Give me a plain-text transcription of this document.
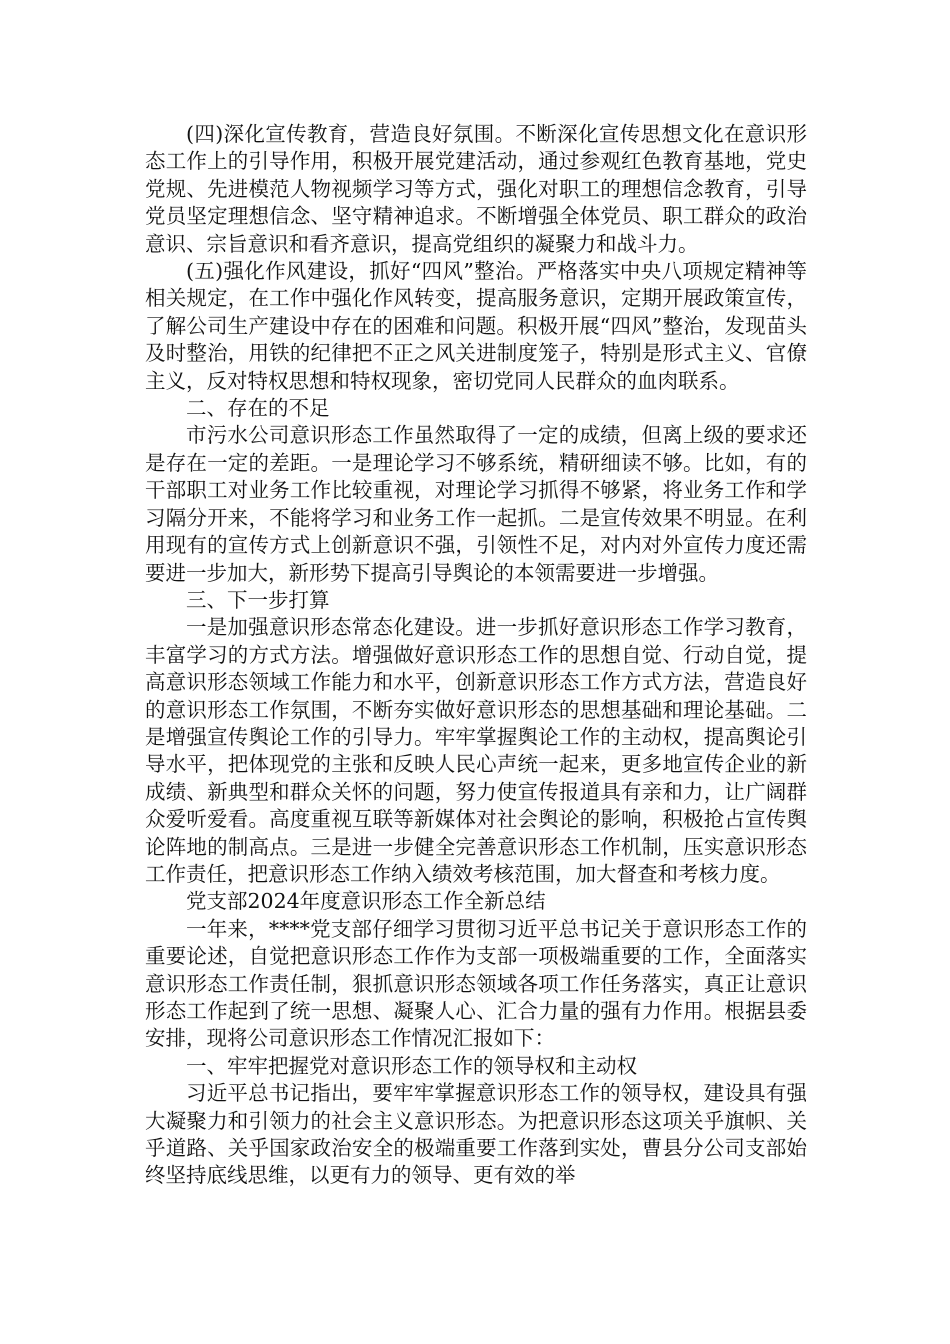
(四)深化宣传教育，营造良好氛围。不断深化宣传思想文化在意识形态工作上的引导作用，积极开展党建活动，通过参观红色教育基地，党史党规、先进模范人物视频学习等方式，强化对职工的理想信念教育，引导党员坚定理想信念、坚守精神追求。不断增强全体党员、职工群众的政治意识、宗旨意识和看齐意识，提高党组织的凝聚力和战斗力。

(五)强化作风建设，抓好“四风”整治。严格落实中央八项规定精神等相关规定，在工作中强化作风转变，提高服务意识，定期开展政策宣传，了解公司生产建设中存在的困难和问题。积极开展“四风”整治，发现苗头及时整治，用铁的纪律把不正之风关进制度笼子，特别是形式主义、官僚主义，反对特权思想和特权现象，密切党同人民群众的血肉联系。

二、存在的不足

市污水公司意识形态工作虽然取得了一定的成绩，但离上级的要求还是存在一定的差距。一是理论学习不够系统，精研细读不够。比如，有的干部职工对业务工作比较重视，对理论学习抓得不够紧，将业务工作和学习隔分开来，不能将学习和业务工作一起抓。二是宣传效果不明显。在利用现有的宣传方式上创新意识不强，引领性不足，对内对外宣传力度还需要进一步加大，新形势下提高引导舆论的本领需要进一步增强。

三、下一步打算

一是加强意识形态常态化建设。进一步抓好意识形态工作学习教育，丰富学习的方式方法。增强做好意识形态工作的思想自觉、行动自觉，提高意识形态领域工作能力和水平，创新意识形态工作方式方法，营造良好的意识形态工作氛围，不断夯实做好意识形态的思想基础和理论基础。二是增强宣传舆论工作的引导力。牢牢掌握舆论工作的主动权，提高舆论引导水平，把体现党的主张和反映人民心声统一起来，更多地宣传企业的新成绩、新典型和群众关怀的问题，努力使宣传报道具有亲和力，让广阔群众爱听爱看。高度重视互联等新媒体对社会舆论的影响，积极抢占宣传舆论阵地的制高点。三是进一步健全完善意识形态工作机制，压实意识形态工作责任，把意识形态工作纳入绩效考核范围，加大督查和考核力度。

党支部2024年度意识形态工作全新总结

一年来，****党支部仔细学习贯彻习近平总书记关于意识形态工作的重要论述，自觉把意识形态工作作为支部一项极端重要的工作，全面落实意识形态工作责任制，狠抓意识形态领域各项工作任务落实，真正让意识形态工作起到了统一思想、凝聚人心、汇合力量的强有力作用。根据县委安排，现将公司意识形态工作情况汇报如下：

一、牢牢把握党对意识形态工作的领导权和主动权

习近平总书记指出，要牢牢掌握意识形态工作的领导权，建设具有强大凝聚力和引领力的社会主义意识形态。为把意识形态这项关乎旗帜、关乎道路、关乎国家政治安全的极端重要工作落到实处，曹县分公司支部始终坚持底线思维，以更有力的领导、更有效的举
